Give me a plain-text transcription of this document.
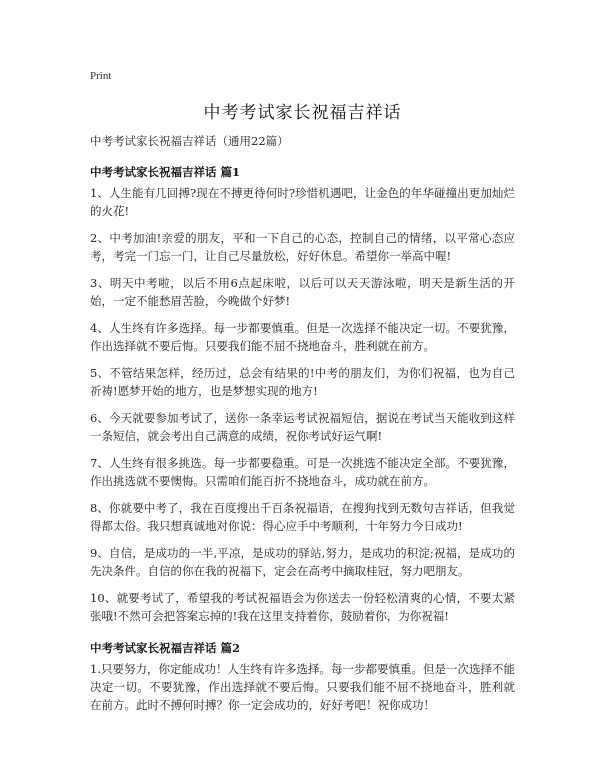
Print
中考考试家长祝福吉祥话
中考考试家长祝福吉祥话（通用22篇）
中考考试家长祝福吉祥话 篇1
1、人生能有几回搏?现在不搏更待何时?珍惜机遇吧，让金色的年华碰撞出更加灿烂的火花!
2、中考加油!亲爱的朋友，平和一下自己的心态，控制自己的情绪，以平常心态应考，考完一门忘一门，让自己尽量放松，好好休息。希望你一举高中喔!
3、明天中考啦，以后不用6点起床啦，以后可以天天游泳啦，明天是新生活的开始，一定不能愁眉苦脸，今晚做个好梦!
4、人生终有许多选择。每一步都要慎重。但是一次选择不能决定一切。不要犹豫，作出选择就不要后悔。只要我们能不屈不挠地奋斗，胜利就在前方。
5、不管结果怎样，经历过，总会有结果的!中考的朋友们，为你们祝福，也为自己祈祷!愿梦开始的地方，也是梦想实现的地方!
6、今天就要参加考试了，送你一条幸运考试祝福短信，据说在考试当天能收到这样一条短信，就会考出自己满意的成绩，祝你考试好运气啊!
7、人生终有很多挑选。每一步都要稳重。可是一次挑选不能决定全部。不要犹豫，作出挑选就不要懊悔。只需咱们能百折不挠地奋斗，成功就在前方。
8、你就要中考了，我在百度搜出千百条祝福语，在搜狗找到无数句吉祥话，但我觉得都太俗。我只想真诚地对你说：得心应手中考顺利，十年努力今日成功!
9、自信，是成功的一半,平凉，是成功的驿站,努力，是成功的积淀;祝福，是成功的先决条件。自信的你在我的祝福下，定会在高考中摘取桂冠，努力吧朋友。
10、就要考试了，希望我的考试祝福语会为你送去一份轻松清爽的心情，不要太紧张哦!不然可会把答案忘掉的!我在这里支持着你，鼓励着你，为你祝福!
中考考试家长祝福吉祥话 篇2
1.只要努力，你定能成功！人生终有许多选择。每一步都要慎重。但是一次选择不能决定一切。不要犹豫，作出选择就不要后悔。只要我们能不屈不挠地奋斗，胜利就在前方。此时不搏何时搏？你一定会成功的，好好考吧！祝你成功！
